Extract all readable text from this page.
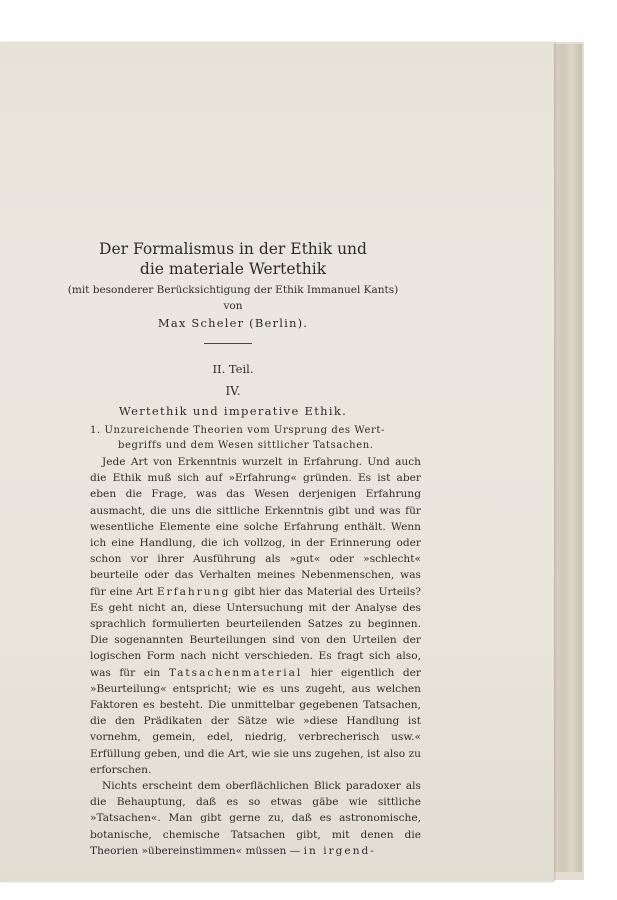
Der Formalismus in der Ethik und
die materiale Wertethik
(mit besonderer Berücksichtigung der Ethik Immanuel Kants)
von
Max Scheler (Berlin).
II. Teil.
IV.
Wertethik und imperative Ethik.
1. Unzureichende Theorien vom Ursprung des Wert-
begriffs und dem Wesen sittlicher Tatsachen.

Jede Art von Erkenntnis wurzelt in Erfahrung. Und auch die Ethik muß sich auf »Erfahrung« gründen. Es ist aber eben die Frage, was das Wesen derjenigen Erfahrung ausmacht, die uns die sittliche Erkenntnis gibt und was für wesentliche Elemente eine solche Erfahrung enthält. Wenn ich eine Handlung, die ich vollzog, in der Erinnerung oder schon vor ihrer Ausführung als »gut« oder »schlecht« beurteile oder das Verhalten meines Nebenmenschen, was für eine Art Erfahrung gibt hier das Material des Urteils? Es geht nicht an, diese Untersuchung mit der Analyse des sprachlich formulierten beurteilenden Satzes zu beginnen. Die sogenannten Beurteilungen sind von den Urteilen der logischen Form nach nicht verschieden. Es fragt sich also, was für ein Tatsachenmaterial hier eigentlich der »Beurteilung« entspricht; wie es uns zugeht, aus welchen Faktoren es besteht. Die unmittelbar gegebenen Tatsachen, die den Prädikaten der Sätze wie »diese Handlung ist vornehm, gemein, edel, niedrig, verbrecherisch usw.« Erfüllung geben, und die Art, wie sie uns zugehen, ist also zu erforschen.

Nichts erscheint dem oberflächlichen Blick paradoxer als die Behauptung, daß es so etwas gäbe wie sittliche »Tatsachen«. Man gibt gerne zu, daß es astronomische, botanische, chemische Tatsachen gibt, mit denen die Theorien »übereinstimmen« müssen — in irgend-
